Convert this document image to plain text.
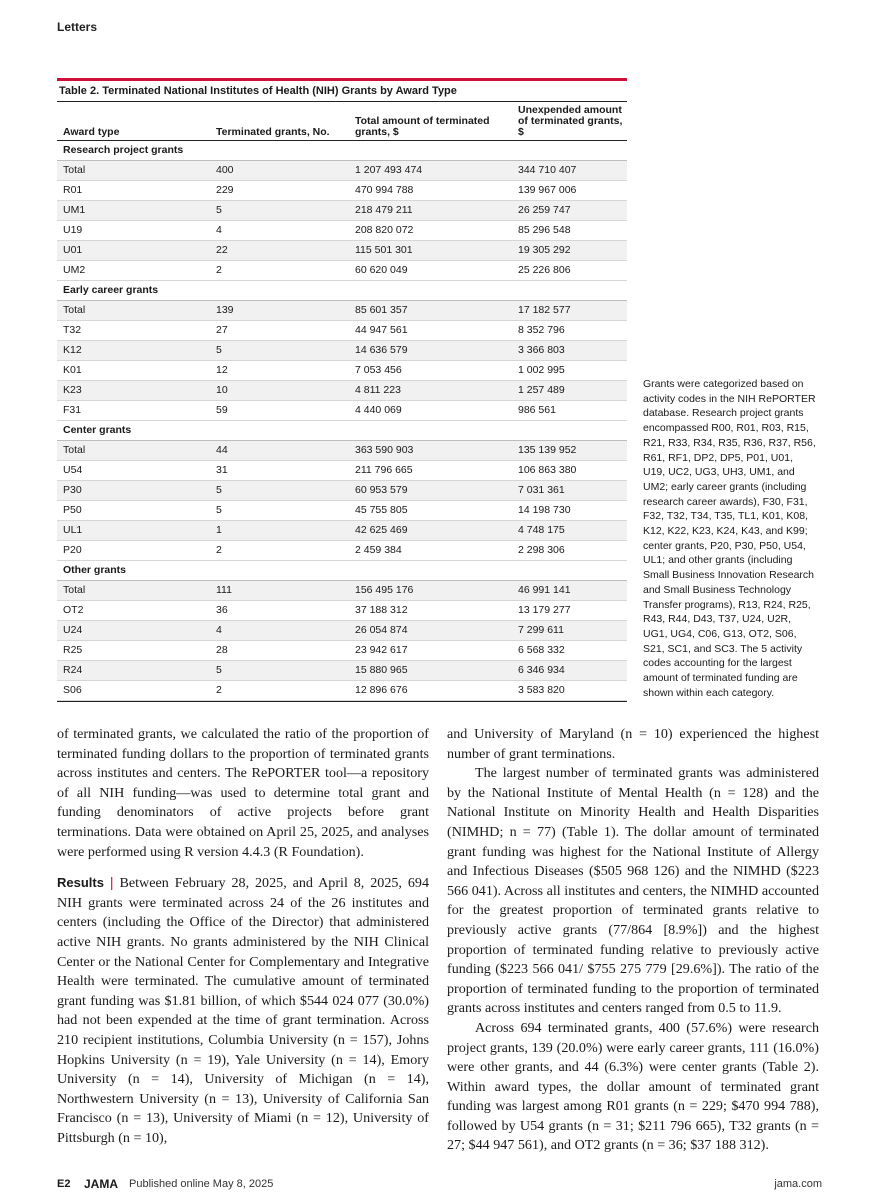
Letters
Table 2. Terminated National Institutes of Health (NIH) Grants by Award Type
Award type	Terminated grants, No.	Total amount of terminated grants, $	Unexpended amount of terminated grants, $
Research project grants			
Total	400	1 207 493 474	344 710 407
R01	229	470 994 788	139 967 006
UM1	5	218 479 211	26 259 747
U19	4	208 820 072	85 296 548
U01	22	115 501 301	19 305 292
UM2	2	60 620 049	25 226 806
Early career grants			
Total	139	85 601 357	17 182 577
T32	27	44 947 561	8 352 796
K12	5	14 636 579	3 366 803
K01	12	7 053 456	1 002 995
K23	10	4 811 223	1 257 489
F31	59	4 440 069	986 561
Center grants			
Total	44	363 590 903	135 139 952
U54	31	211 796 665	106 863 380
P30	5	60 953 579	7 031 361
P50	5	45 755 805	14 198 730
UL1	1	42 625 469	4 748 175
P20	2	2 459 384	2 298 306
Other grants			
Total	111	156 495 176	46 991 141
OT2	36	37 188 312	13 179 277
U24	4	26 054 874	7 299 611
R25	28	23 942 617	6 568 332
R24	5	15 880 965	6 346 934
S06	2	12 896 676	3 583 820
Grants were categorized based on activity codes in the NIH RePORTER database. Research project grants encompassed R00, R01, R03, R15, R21, R33, R34, R35, R36, R37, R56, R61, RF1, DP2, DP5, P01, U01, U19, UC2, UG3, UH3, UM1, and UM2; early career grants (including research career awards), F30, F31, F32, T32, T34, T35, TL1, K01, K08, K12, K22, K23, K24, K43, and K99; center grants, P20, P30, P50, U54, UL1; and other grants (including Small Business Innovation Research and Small Business Technology Transfer programs), R13, R24, R25, R43, R44, D43, T37, U24, U2R, UG1, UG4, C06, G13, OT2, S06, S21, SC1, and SC3. The 5 activity codes accounting for the largest amount of terminated funding are shown within each category.

of terminated grants, we calculated the ratio of the proportion of terminated funding dollars to the proportion of terminated grants across institutes and centers. The RePORTER tool—a repository of all NIH funding—was used to determine total grant and funding denominators of active projects before grant terminations. Data were obtained on April 25, 2025, and analyses were performed using R version 4.4.3 (R Foundation).

Results | Between February 28, 2025, and April 8, 2025, 694 NIH grants were terminated across 24 of the 26 institutes and centers (including the Office of the Director) that administered active NIH grants. No grants administered by the NIH Clinical Center or the National Center for Complementary and Integrative Health were terminated. The cumulative amount of terminated grant funding was $1.81 billion, of which $544 024 077 (30.0%) had not been expended at the time of grant termination. Across 210 recipient institutions, Columbia University (n = 157), Johns Hopkins University (n = 19), Yale University (n = 14), Emory University (n = 14), University of Michigan (n = 14), Northwestern University (n = 13), University of California San Francisco (n = 13), University of Miami (n = 12), University of Pittsburgh (n = 10),

and University of Maryland (n = 10) experienced the highest number of grant terminations.

The largest number of terminated grants was administered by the National Institute of Mental Health (n = 128) and the National Institute on Minority Health and Health Disparities (NIMHD; n = 77) (Table 1). The dollar amount of terminated grant funding was highest for the National Institute of Allergy and Infectious Diseases ($505 968 126) and the NIMHD ($223 566 041). Across all institutes and centers, the NIMHD accounted for the greatest proportion of terminated grants relative to previously active grants (77/864 [8.9%]) and the highest proportion of terminated funding relative to previously active funding ($223 566 041/ $755 275 779 [29.6%]). The ratio of the proportion of terminated funding to the proportion of terminated grants across institutes and centers ranged from 0.5 to 11.9.

Across 694 terminated grants, 400 (57.6%) were research project grants, 139 (20.0%) were early career grants, 111 (16.0%) were other grants, and 44 (6.3%) were center grants (Table 2). Within award types, the dollar amount of terminated grant funding was largest among R01 grants (n = 229; $470 994 788), followed by U54 grants (n = 31; $211 796 665), T32 grants (n = 27; $44 947 561), and OT2 grants (n = 36; $37 188 312).

E2 JAMA Published online May 8, 2025	jama.com
